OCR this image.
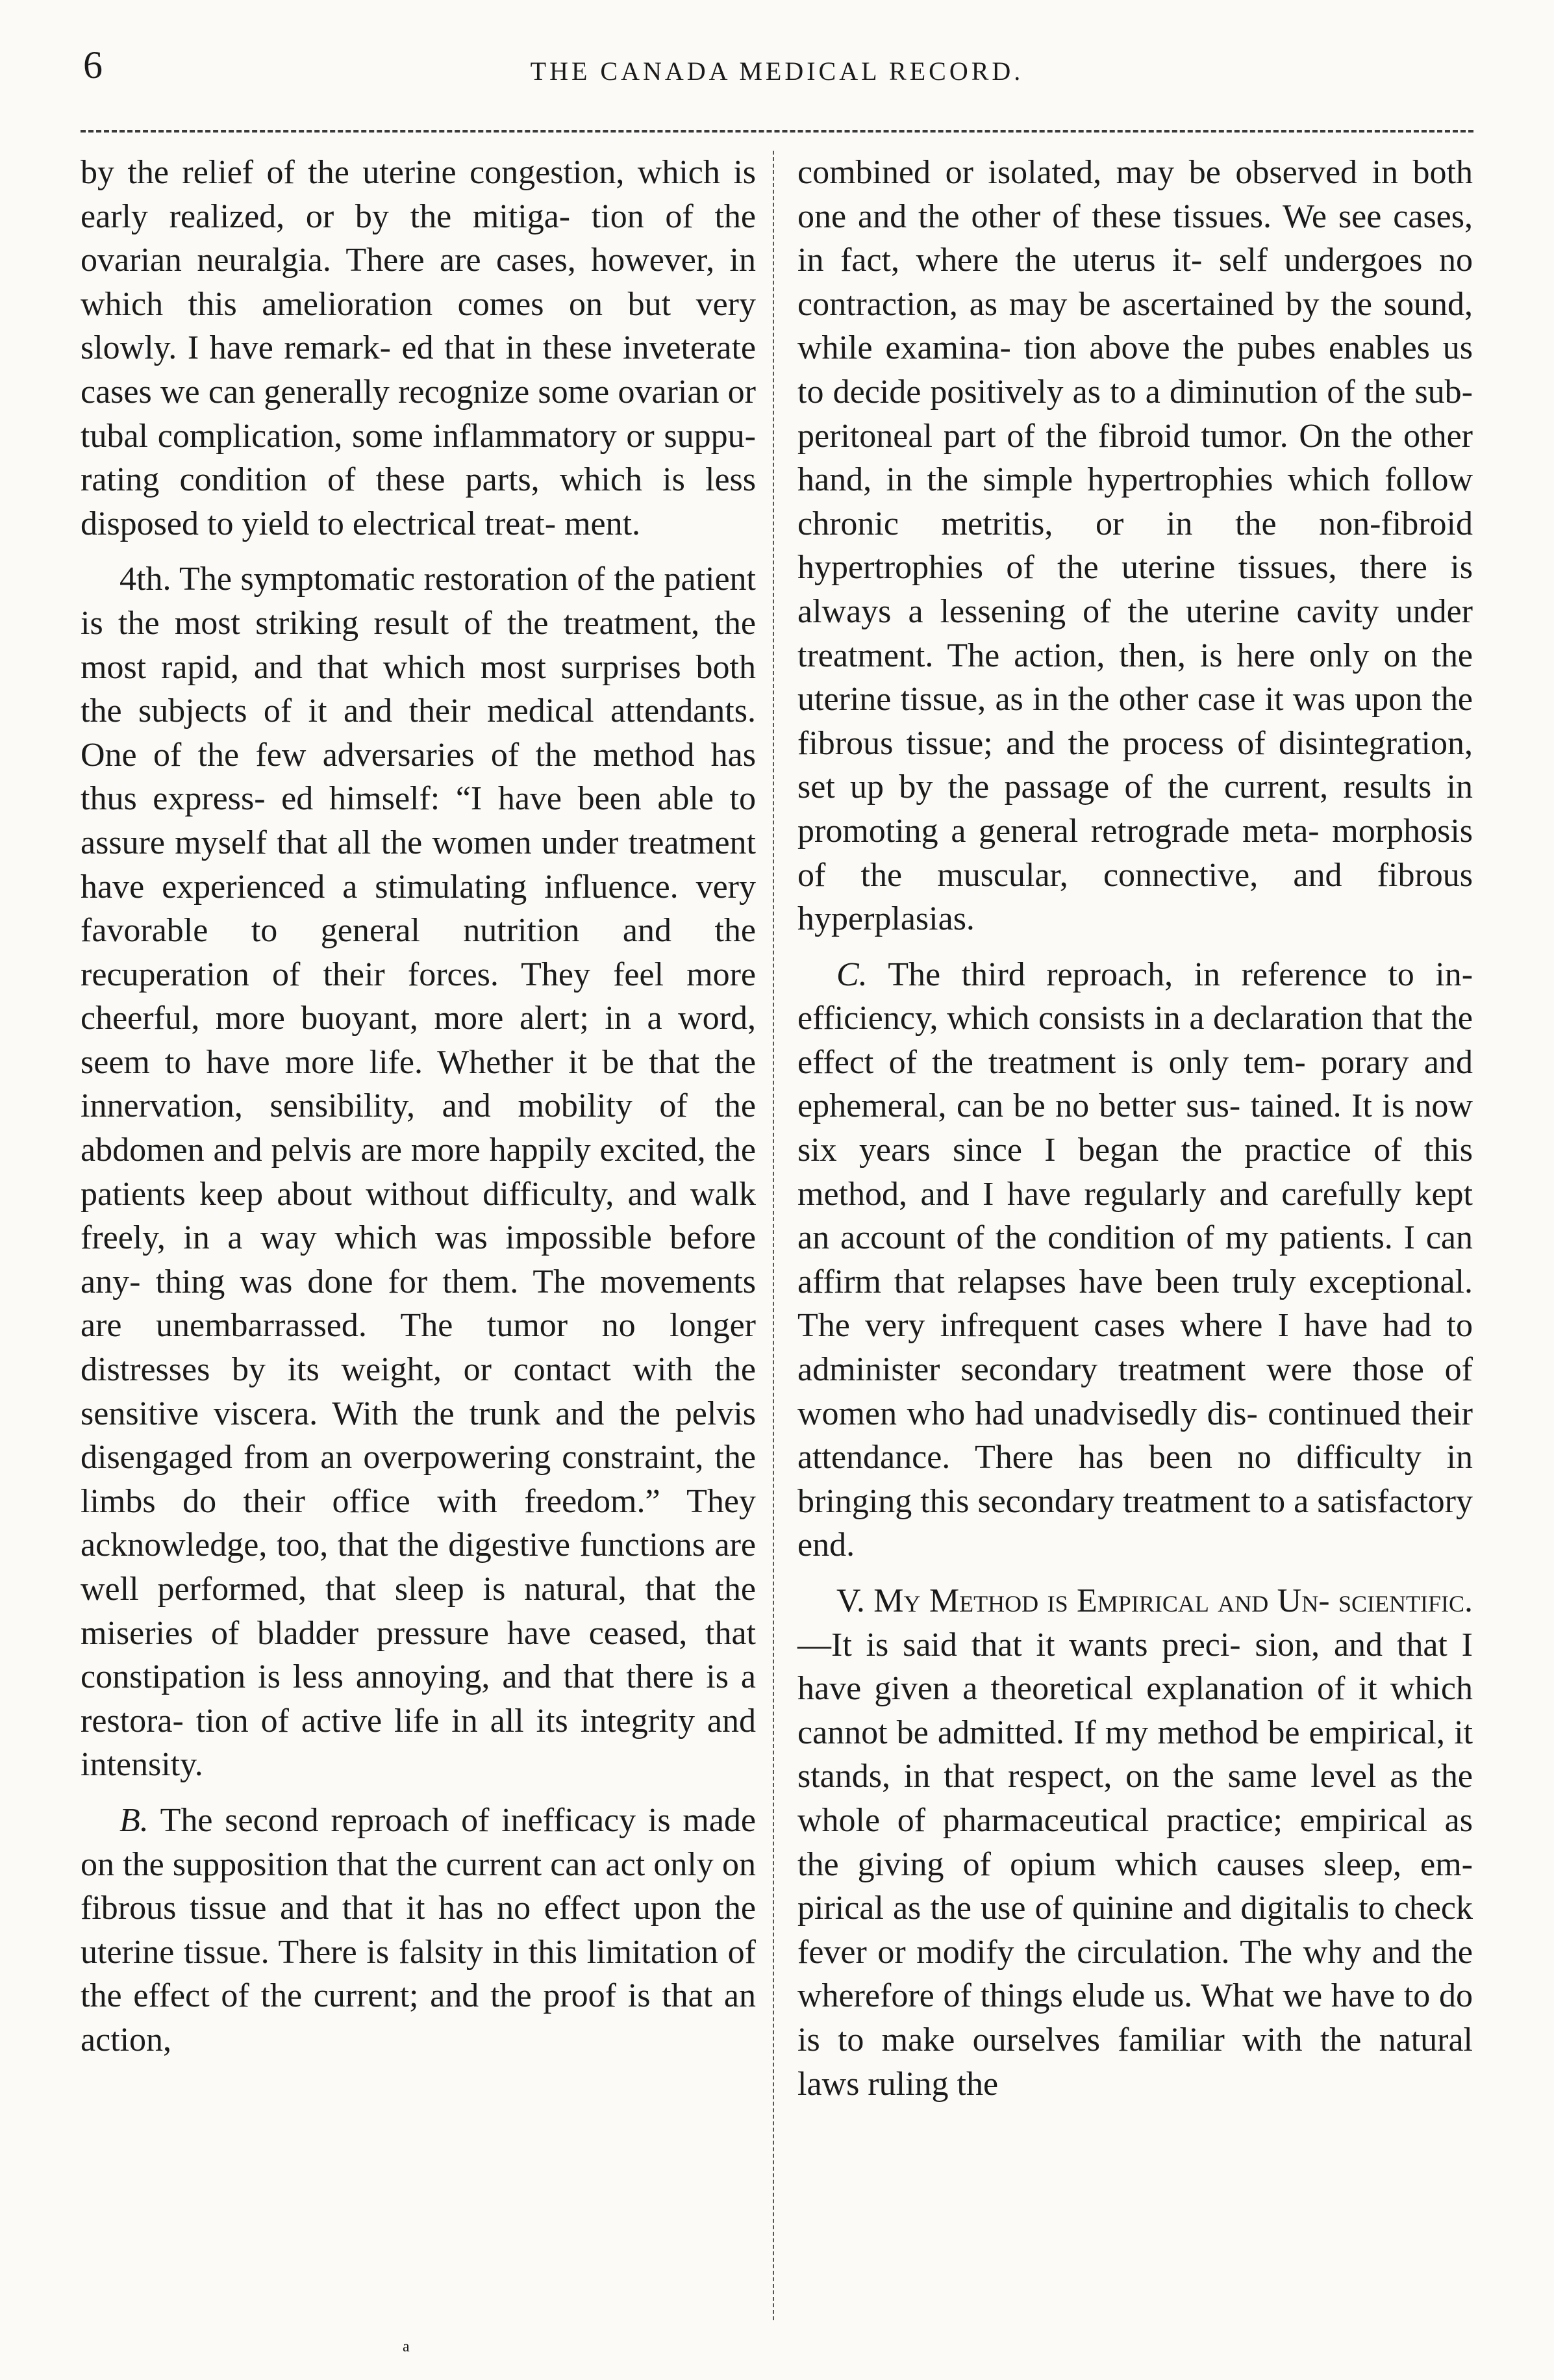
6	THE CANADA MEDICAL RECORD.

by the relief of the uterine congestion, which is early realized, or by the mitiga- tion of the ovarian neuralgia. There are cases, however, in which this amelioration comes on but very slowly. I have remark- ed that in these inveterate cases we can generally recognize some ovarian or tubal complication, some inflammatory or suppu- rating condition of these parts, which is less disposed to yield to electrical treat- ment.

4th. The symptomatic restoration of the patient is the most striking result of the treatment, the most rapid, and that which most surprises both the subjects of it and their medical attendants. One of the few adversaries of the method has thus express- ed himself: “I have been able to assure myself that all the women under treatment have experienced a stimulating influence. very favorable to general nutrition and the recuperation of their forces. They feel more cheerful, more buoyant, more alert; in a word, seem to have more life. Whether it be that the innervation, sensibility, and mobility of the abdomen and pelvis are more happily excited, the patients keep about without difficulty, and walk freely, in a way which was impossible before any- thing was done for them. The movements are unembarrassed. The tumor no longer distresses by its weight, or contact with the sensitive viscera. With the trunk and the pelvis disengaged from an overpowering constraint, the limbs do their office with freedom.” They acknowledge, too, that the digestive functions are well performed, that sleep is natural, that the miseries of bladder pressure have ceased, that constipation is less annoying, and that there is a restora- tion of active life in all its integrity and intensity.

B. The second reproach of inefficacy is made on the supposition that the current can act only on fibrous tissue and that it has no effect upon the uterine tissue. There is falsity in this limitation of the effect of the current; and the proof is that an action,

combined or isolated, may be observed in both one and the other of these tissues. We see cases, in fact, where the uterus it- self undergoes no contraction, as may be ascertained by the sound, while examina- tion above the pubes enables us to decide positively as to a diminution of the sub- peritoneal part of the fibroid tumor. On the other hand, in the simple hypertrophies which follow chronic metritis, or in the non-fibroid hypertrophies of the uterine tissues, there is always a lessening of the uterine cavity under treatment. The action, then, is here only on the uterine tissue, as in the other case it was upon the fibrous tissue; and the process of disintegration, set up by the passage of the current, results in promoting a general retrograde meta- morphosis of the muscular, connective, and fibrous hyperplasias.

C. The third reproach, in reference to in- efficiency, which consists in a declaration that the effect of the treatment is only tem- porary and ephemeral, can be no better sus- tained. It is now six years since I began the practice of this method, and I have regularly and carefully kept an account of the condition of my patients. I can affirm that relapses have been truly exceptional. The very infrequent cases where I have had to administer secondary treatment were those of women who had unadvisedly dis- continued their attendance. There has been no difficulty in bringing this secondary treatment to a satisfactory end.

V. My Method is Empirical and Un- scientific.—It is said that it wants preci- sion, and that I have given a theoretical explanation of it which cannot be admitted. If my method be empirical, it stands, in that respect, on the same level as the whole of pharmaceutical practice; empirical as the giving of opium which causes sleep, em- pirical as the use of quinine and digitalis to check fever or modify the circulation. The why and the wherefore of things elude us. What we have to do is to make ourselves familiar with the natural laws ruling the

a
